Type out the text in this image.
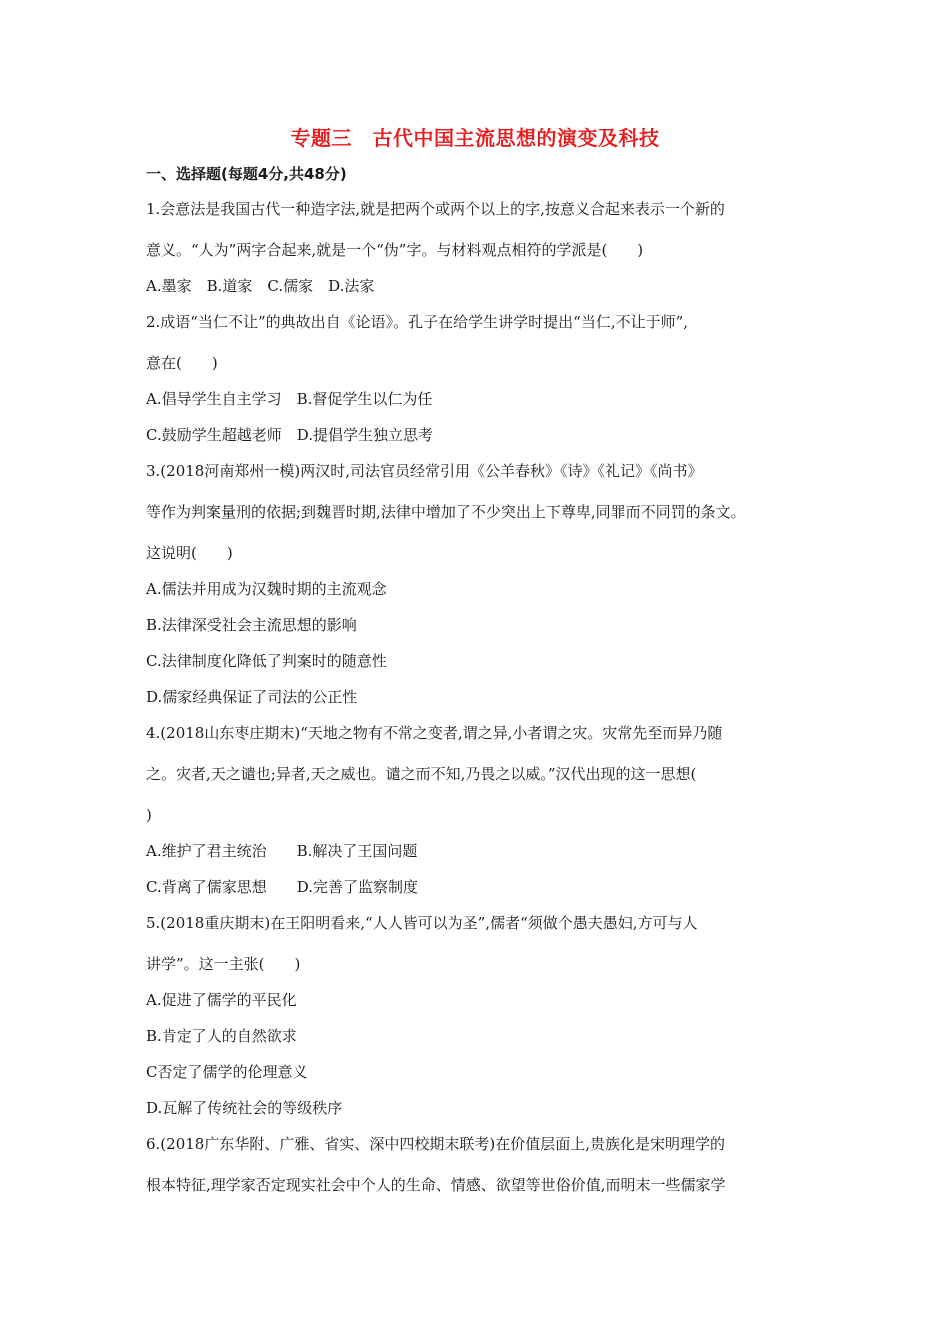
专题三　古代中国主流思想的演变及科技
一、选择题(每题4分,共48分)
1.会意法是我国古代一种造字法,就是把两个或两个以上的字,按意义合起来表示一个新的
意义。“人为”两字合起来,就是一个“伪”字。与材料观点相符的学派是(　　)
A.墨家　B.道家　C.儒家　D.法家
2.成语“当仁不让”的典故出自《论语》。孔子在给学生讲学时提出“当仁,不让于师”,
意在(　　)
A.倡导学生自主学习　B.督促学生以仁为任
C.鼓励学生超越老师　D.提倡学生独立思考
3.(2018河南郑州一模)两汉时,司法官员经常引用《公羊春秋》《诗》《礼记》《尚书》
等作为判案量刑的依据;到魏晋时期,法律中增加了不少突出上下尊卑,同罪而不同罚的条文。
这说明(　　)
A.儒法并用成为汉魏时期的主流观念
B.法律深受社会主流思想的影响
C.法律制度化降低了判案时的随意性
D.儒家经典保证了司法的公正性
4.(2018山东枣庄期末)“天地之物有不常之变者,谓之异,小者谓之灾。灾常先至而异乃随
之。灾者,天之谴也;异者,天之威也。谴之而不知,乃畏之以威。”汉代出现的这一思想(
)
A.维护了君主统治　　B.解决了王国问题
C.背离了儒家思想　　D.完善了监察制度
5.(2018重庆期末)在王阳明看来,“人人皆可以为圣”,儒者“须做个愚夫愚妇,方可与人
讲学”。这一主张(　　)
A.促进了儒学的平民化
B.肯定了人的自然欲求
C否定了儒学的伦理意义
D.瓦解了传统社会的等级秩序
6.(2018广东华附、广雅、省实、深中四校期末联考)在价值层面上,贵族化是宋明理学的
根本特征,理学家否定现实社会中个人的生命、情感、欲望等世俗价值,而明末一些儒家学
